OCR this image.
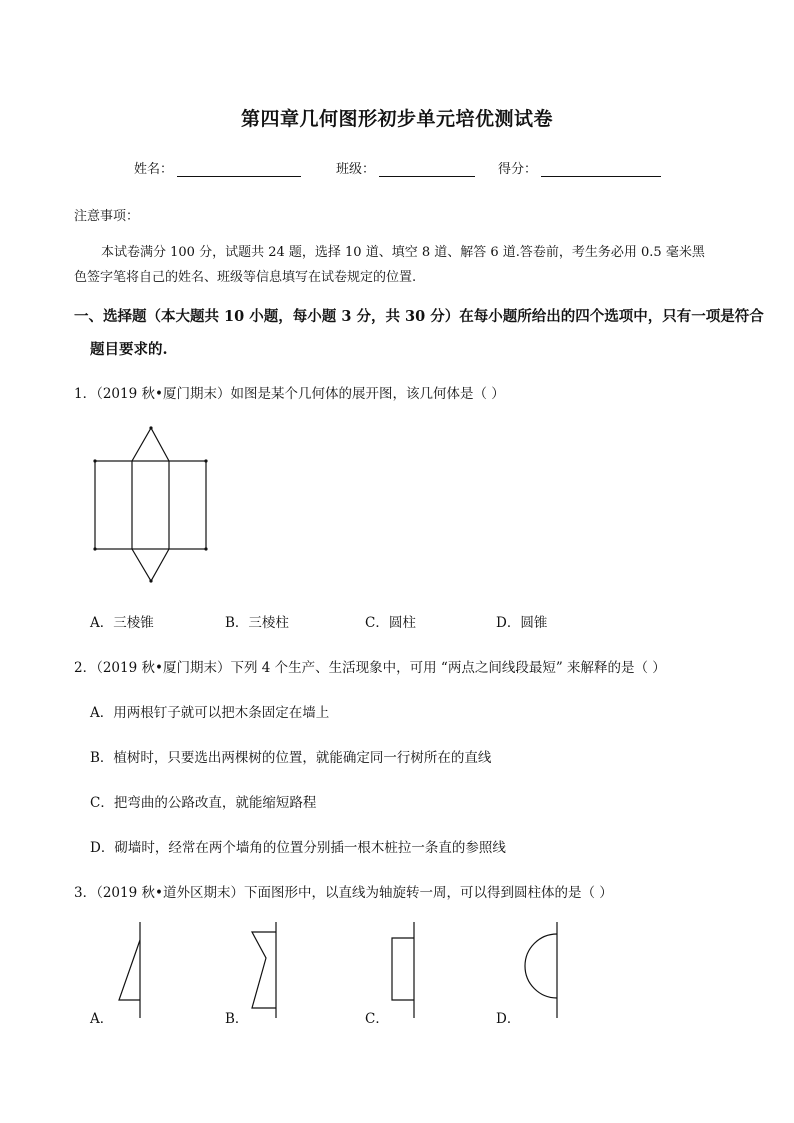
第四章几何图形初步单元培优测试卷
姓名：	班级：	得分：
注意事项：
本试卷满分 100 分，试题共 24 题，选择 10 道、填空 8 道、解答 6 道.答卷前，考生务必用 0.5 毫米黑
色签字笔将自己的姓名、班级等信息填写在试卷规定的位置.
一、选择题（本大题共 10 小题，每小题 3 分，共 30 分）在每小题所给出的四个选项中，只有一项是符合
题目要求的.
1．（2019 秋•厦门期末）如图是某个几何体的展开图，该几何体是（ ）
A．三棱锥	B．三棱柱	C．圆柱	D．圆锥
2．（2019 秋•厦门期末）下列 4 个生产、生活现象中，可用 “两点之间线段最短” 来解释的是（ ）
A．用两根钉子就可以把木条固定在墙上
B．植树时，只要选出两棵树的位置，就能确定同一行树所在的直线
C．把弯曲的公路改直，就能缩短路程
D．砌墙时，经常在两个墙角的位置分别插一根木桩拉一条直的参照线
3．（2019 秋•道外区期末）下面图形中，以直线为轴旋转一周，可以得到圆柱体的是（ ）
A．	B．	C．	D．
